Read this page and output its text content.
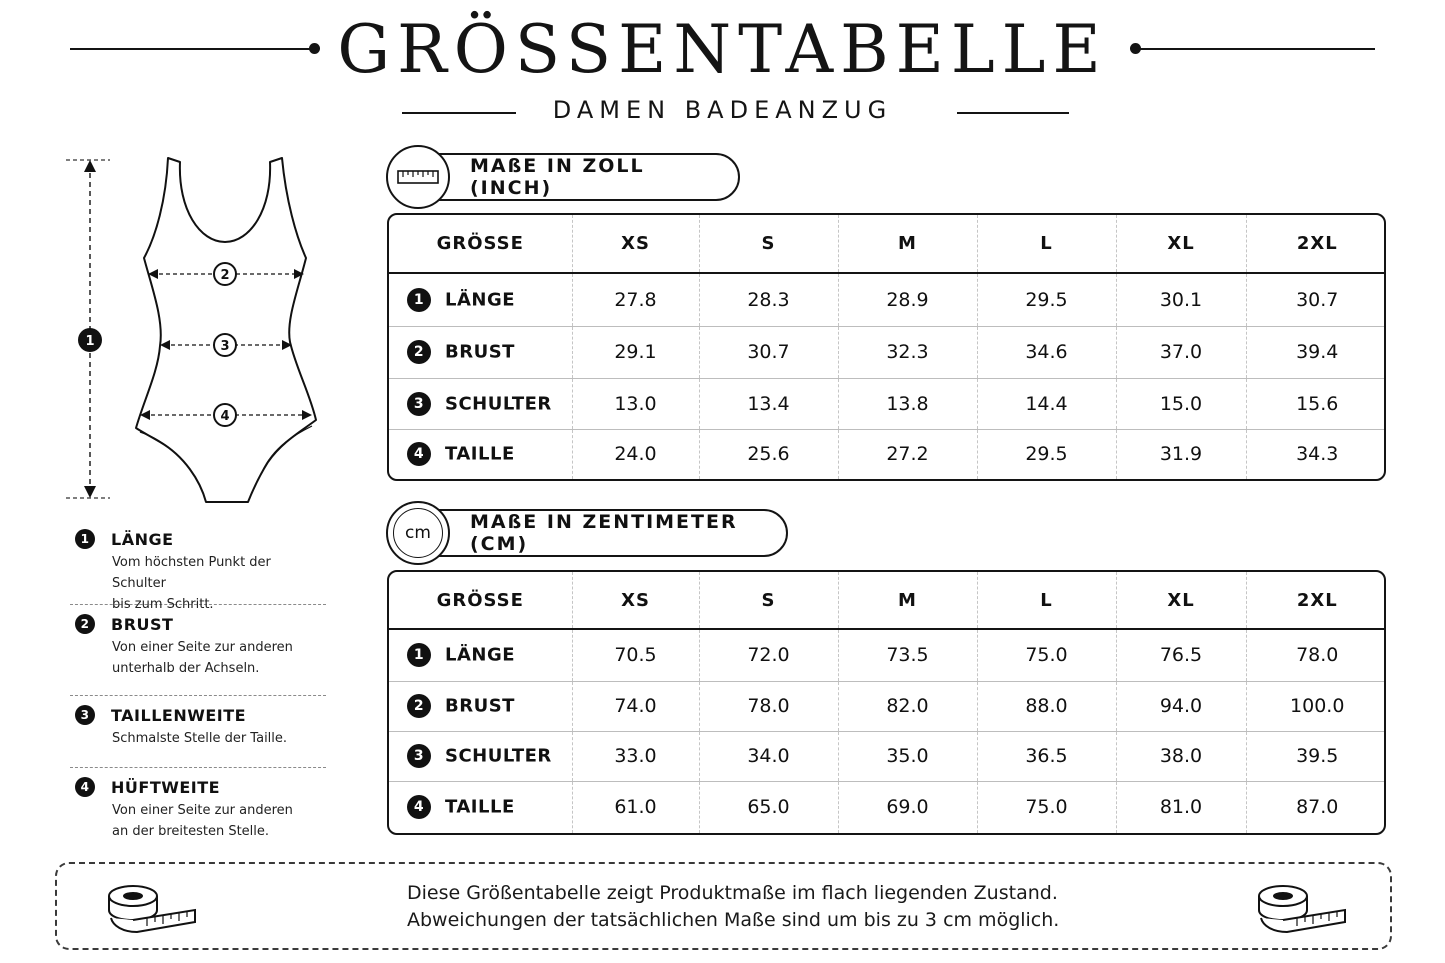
GRÖSSENTABELLE
DAMEN BADEANZUG
1
2
3
4
MAßE IN ZOLL (INCH)
GRÖSSE	XS	S	M	L	XL	2XL
1 LÄNGE	27.8	28.3	28.9	29.5	30.1	30.7
2 BRUST	29.1	30.7	32.3	34.6	37.0	39.4
3 SCHULTER	13.0	13.4	13.8	14.4	15.0	15.6
4 TAILLE	24.0	25.6	27.2	29.5	31.9	34.3
MAßE IN ZENTIMETER (CM)
cm
GRÖSSE	XS	S	M	L	XL	2XL
1 LÄNGE	70.5	72.0	73.5	75.0	76.5	78.0
2 BRUST	74.0	78.0	82.0	88.0	94.0	100.0
3 SCHULTER	33.0	34.0	35.0	36.5	38.0	39.5
4 TAILLE	61.0	65.0	69.0	75.0	81.0	87.0
1	LÄNGE
Vom höchsten Punkt der Schulter
bis zum Schritt.
2	BRUST
Von einer Seite zur anderen
unterhalb der Achseln.
3	TAILLENWEITE
Schmalste Stelle der Taille.
4	HÜFTWEITE
Von einer Seite zur anderen
an der breitesten Stelle.
Diese Größentabelle zeigt Produktmaße im flach liegenden Zustand.
Abweichungen der tatsächlichen Maße sind um bis zu 3 cm möglich.
